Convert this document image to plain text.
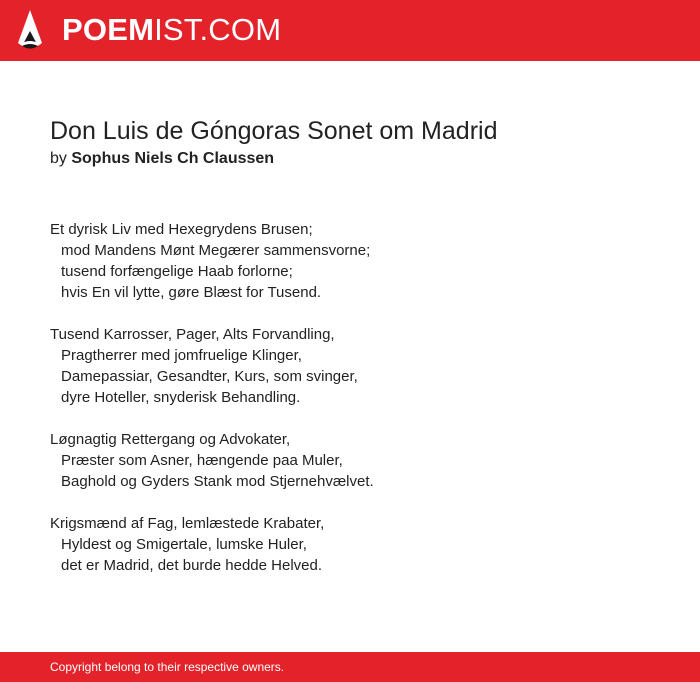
POEMIST.COM
Don Luis de Góngoras Sonet om Madrid
by Sophus Niels Ch Claussen
Et dyrisk Liv med Hexegrydens Brusen;
mod Mandens Mønt Megærer sammensvorne;
tusend forfængelige Haab forlorne;
hvis En vil lytte, gøre Blæst for Tusend.
Tusend Karrosser, Pager, Alts Forvandling,
Pragtherrer med jomfruelige Klinger,
Damepassiar, Gesandter, Kurs, som svinger,
dyre Hoteller, snyderisk Behandling.
Løgnagtig Rettergang og Advokater,
Præster som Asner, hængende paa Muler,
Baghold og Gyders Stank mod Stjernehvælvet.
Krigsmænd af Fag, lemlæstede Krabater,
Hyldest og Smigertale, lumske Huler,
det er Madrid, det burde hedde Helved.
Copyright belong to their respective owners.
